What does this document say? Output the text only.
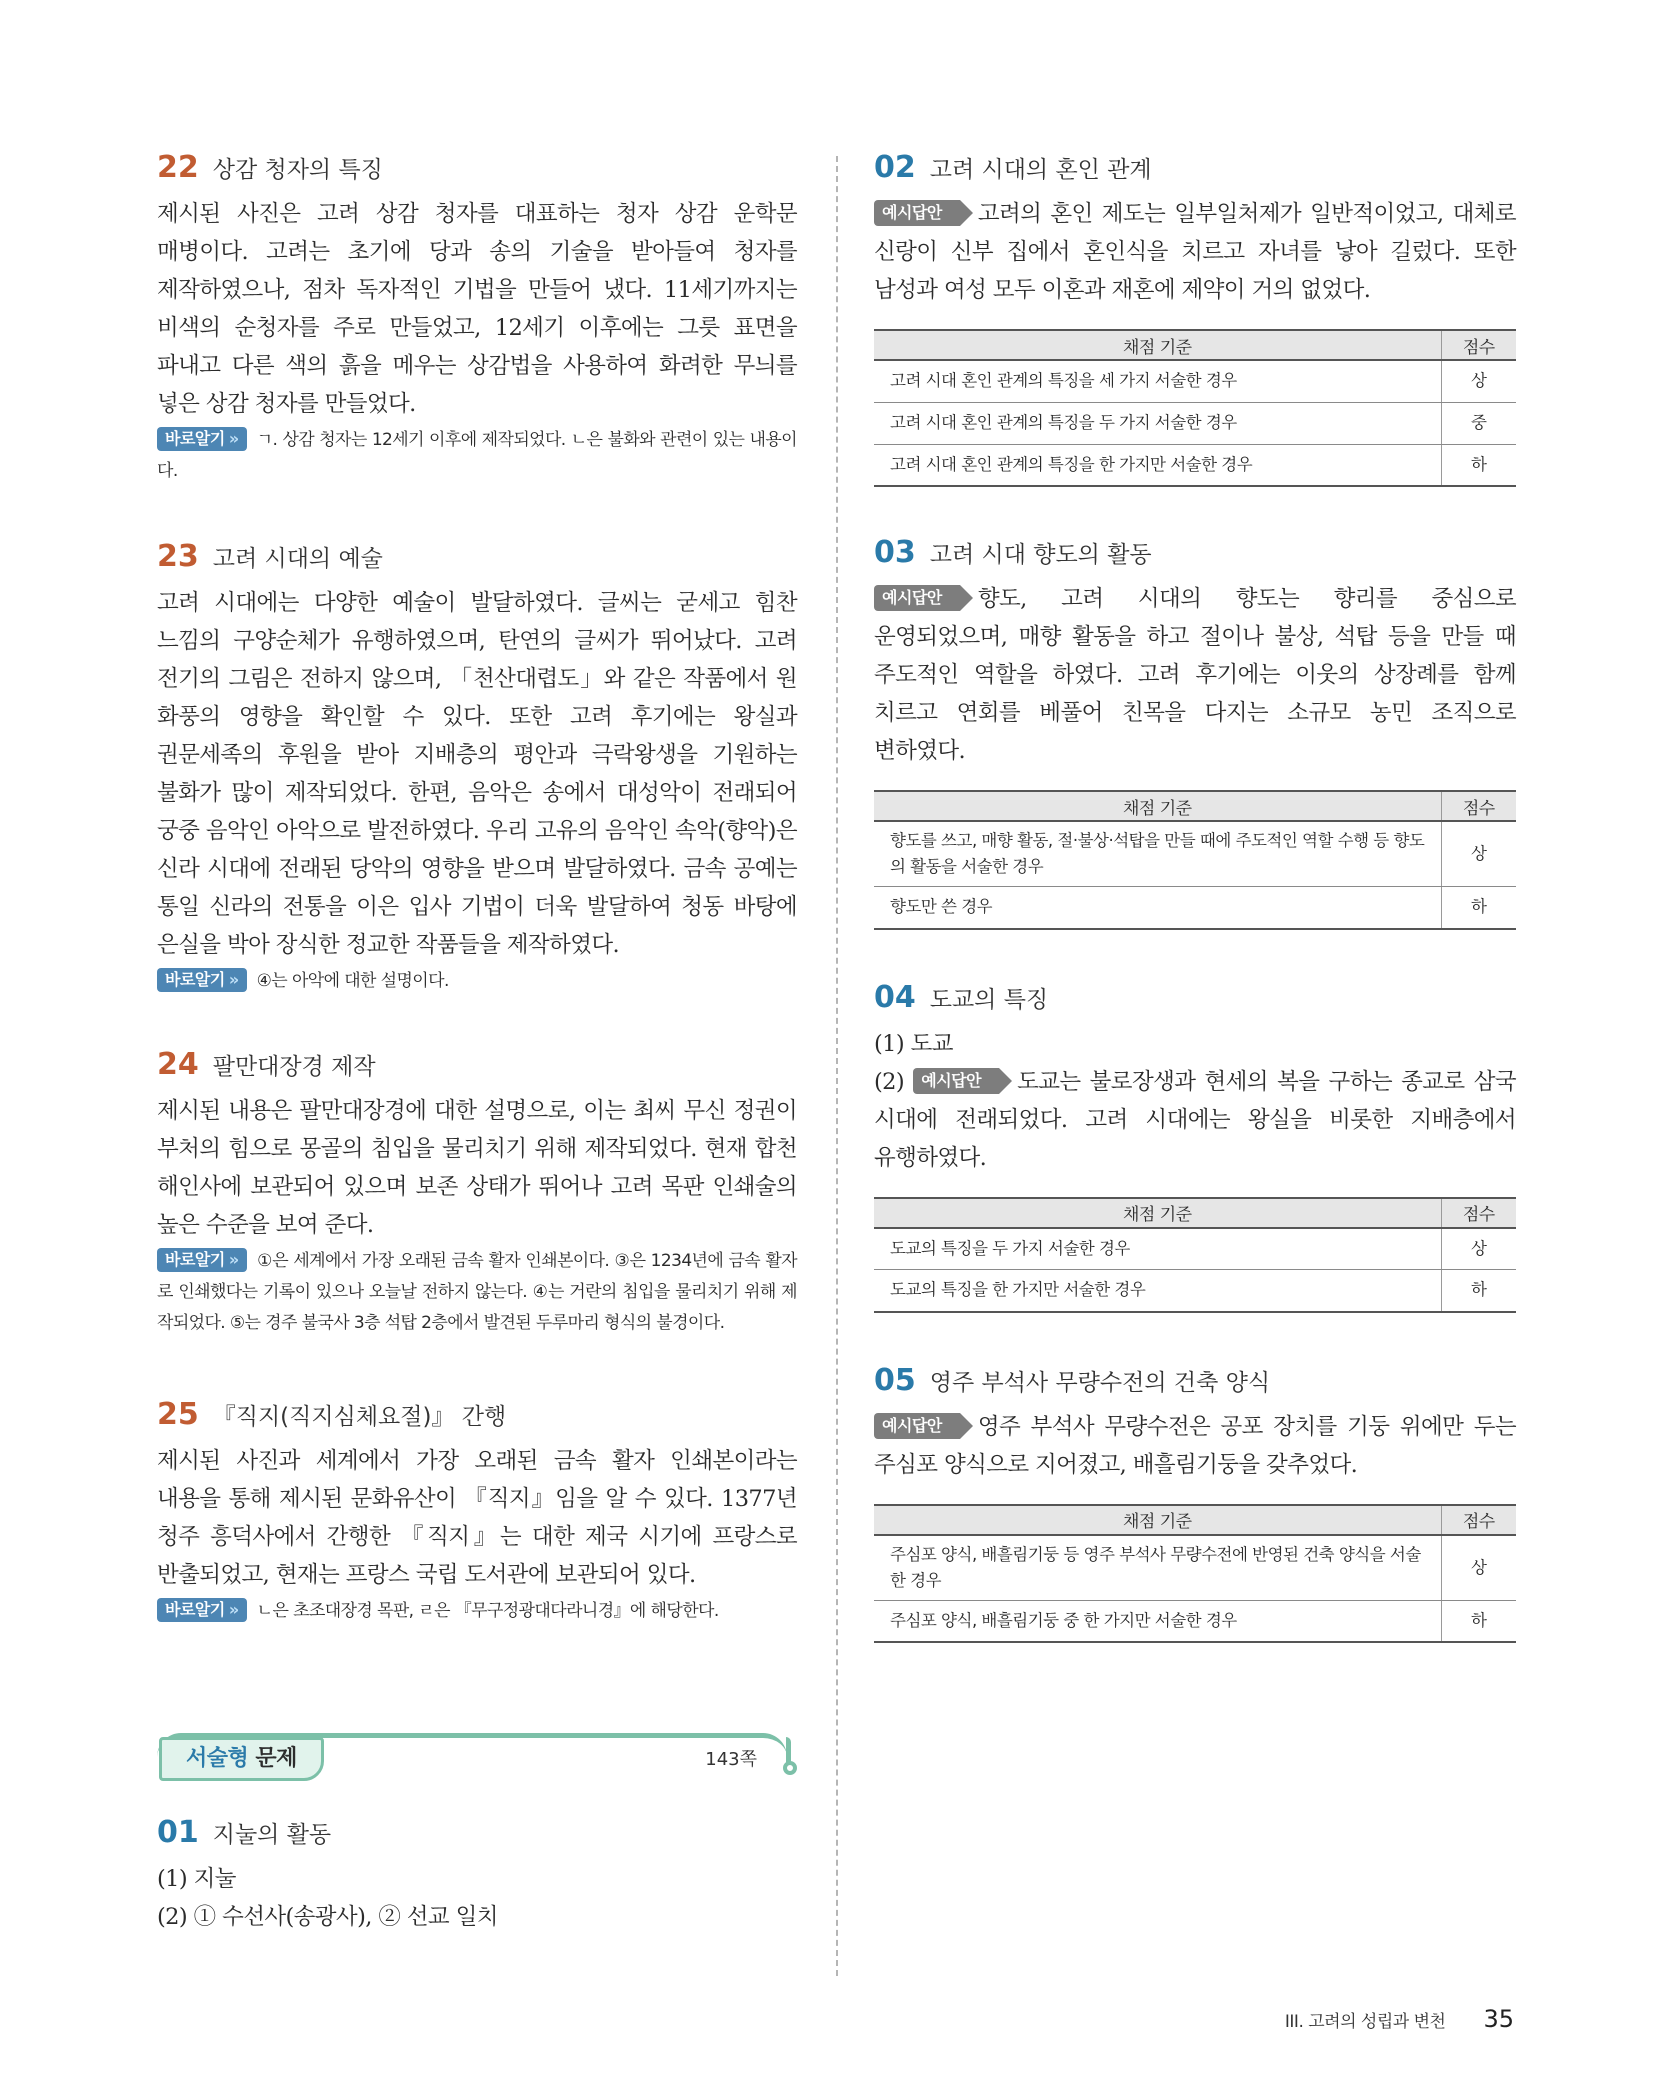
22 상감 청자의 특징

제시된 사진은 고려 상감 청자를 대표하는 청자 상감 운학문 매병이다. 고려는 초기에 당과 송의 기술을 받아들여 청자를 제작하였으나, 점차 독자적인 기법을 만들어 냈다. 11세기까지는 비색의 순청자를 주로 만들었고, 12세기 이후에는 그릇 표면을 파내고 다른 색의 흙을 메우는 상감법을 사용하여 화려한 무늬를 넣은 상감 청자를 만들었다.

바로알기 » ㄱ. 상감 청자는 12세기 이후에 제작되었다. ㄴ은 불화와 관련이 있는 내용이다.

23 고려 시대의 예술

고려 시대에는 다양한 예술이 발달하였다. 글씨는 굳세고 힘찬 느낌의 구양순체가 유행하였으며, 탄연의 글씨가 뛰어났다. 고려 전기의 그림은 전하지 않으며, 「천산대렵도」와 같은 작품에서 원 화풍의 영향을 확인할 수 있다. 또한 고려 후기에는 왕실과 권문세족의 후원을 받아 지배층의 평안과 극락왕생을 기원하는 불화가 많이 제작되었다. 한편, 음악은 송에서 대성악이 전래되어 궁중 음악인 아악으로 발전하였다. 우리 고유의 음악인 속악(향악)은 신라 시대에 전래된 당악의 영향을 받으며 발달하였다. 금속 공예는 통일 신라의 전통을 이은 입사 기법이 더욱 발달하여 청동 바탕에 은실을 박아 장식한 정교한 작품들을 제작하였다.

바로알기 » ④는 아악에 대한 설명이다.

24 팔만대장경 제작

제시된 내용은 팔만대장경에 대한 설명으로, 이는 최씨 무신 정권이 부처의 힘으로 몽골의 침입을 물리치기 위해 제작되었다. 현재 합천 해인사에 보관되어 있으며 보존 상태가 뛰어나 고려 목판 인쇄술의 높은 수준을 보여 준다.

바로알기 » ①은 세계에서 가장 오래된 금속 활자 인쇄본이다. ③은 1234년에 금속 활자로 인쇄했다는 기록이 있으나 오늘날 전하지 않는다. ④는 거란의 침입을 물리치기 위해 제작되었다. ⑤는 경주 불국사 3층 석탑 2층에서 발견된 두루마리 형식의 불경이다.

25 『직지(직지심체요절)』 간행

제시된 사진과 세계에서 가장 오래된 금속 활자 인쇄본이라는 내용을 통해 제시된 문화유산이 『직지』임을 알 수 있다. 1377년 청주 흥덕사에서 간행한 『직지』는 대한 제국 시기에 프랑스로 반출되었고, 현재는 프랑스 국립 도서관에 보관되어 있다.

바로알기 » ㄴ은 초조대장경 목판, ㄹ은 『무구정광대다라니경』에 해당한다.

서술형 문제	143쪽
01 지눌의 활동

(1) 지눌

(2) ① 수선사(송광사), ② 선교 일치

02 고려 시대의 혼인 관계

예시답안 고려의 혼인 제도는 일부일처제가 일반적이었고, 대체로 신랑이 신부 집에서 혼인식을 치르고 자녀를 낳아 길렀다. 또한 남성과 여성 모두 이혼과 재혼에 제약이 거의 없었다.

채점 기준	점수
고려 시대 혼인 관계의 특징을 세 가지 서술한 경우	상
고려 시대 혼인 관계의 특징을 두 가지 서술한 경우	중
고려 시대 혼인 관계의 특징을 한 가지만 서술한 경우	하
03 고려 시대 향도의 활동

예시답안 향도, 고려 시대의 향도는 향리를 중심으로 운영되었으며, 매향 활동을 하고 절이나 불상, 석탑 등을 만들 때 주도적인 역할을 하였다. 고려 후기에는 이웃의 상장례를 함께 치르고 연회를 베풀어 친목을 다지는 소규모 농민 조직으로 변하였다.

채점 기준	점수
향도를 쓰고, 매향 활동, 절·불상·석탑을 만들 때에 주도적인 역할 수행 등 향도의 활동을 서술한 경우	상
향도만 쓴 경우	하
04 도교의 특징

(1) 도교

(2) 예시답안 도교는 불로장생과 현세의 복을 구하는 종교로 삼국 시대에 전래되었다. 고려 시대에는 왕실을 비롯한 지배층에서 유행하였다.

채점 기준	점수
도교의 특징을 두 가지 서술한 경우	상
도교의 특징을 한 가지만 서술한 경우	하
05 영주 부석사 무량수전의 건축 양식

예시답안 영주 부석사 무량수전은 공포 장치를 기둥 위에만 두는 주심포 양식으로 지어졌고, 배흘림기둥을 갖추었다.

채점 기준	점수
주심포 양식, 배흘림기둥 등 영주 부석사 무량수전에 반영된 건축 양식을 서술한 경우	상
주심포 양식, 배흘림기둥 중 한 가지만 서술한 경우	하
III. 고려의 성립과 변천 35
